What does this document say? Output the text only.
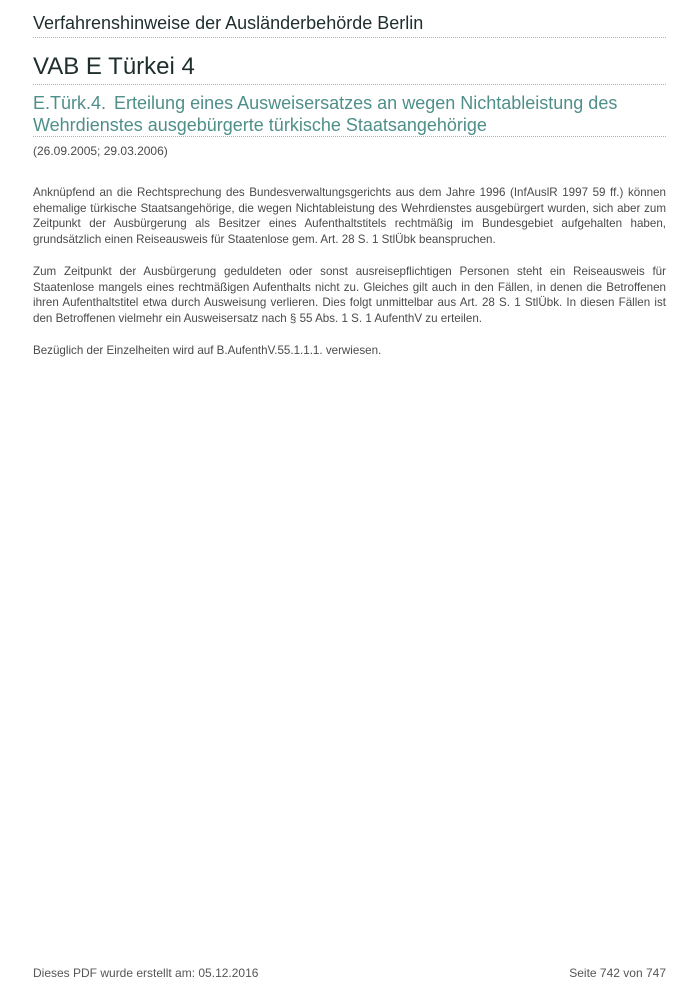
Verfahrenshinweise der Ausländerbehörde Berlin
VAB E Türkei 4
E.Türk.4. Erteilung eines Ausweisersatzes an wegen Nichtableistung des Wehrdienstes ausgebürgerte türkische Staatsangehörige
(26.09.2005; 29.03.2006)

Anknüpfend an die Rechtsprechung des Bundesverwaltungsgerichts aus dem Jahre 1996 (InfAuslR 1997 59 ff.) können ehemalige türkische Staatsangehörige, die wegen Nichtableistung des Wehrdienstes ausgebürgert wurden, sich aber zum Zeitpunkt der Ausbürgerung als Besitzer eines Aufenthaltstitels rechtmäßig im Bundesgebiet aufgehalten haben, grundsätzlich einen Reiseausweis für Staatenlose gem. Art. 28 S. 1 StlÜbk beanspruchen.

Zum Zeitpunkt der Ausbürgerung geduldeten oder sonst ausreisepflichtigen Personen steht ein Reiseausweis für Staatenlose mangels eines rechtmäßigen Aufenthalts nicht zu. Gleiches gilt auch in den Fällen, in denen die Betroffenen ihren Aufenthaltstitel etwa durch Ausweisung verlieren. Dies folgt unmittelbar aus Art. 28 S. 1 StlÜbk. In diesen Fällen ist den Betroffenen vielmehr ein Ausweisersatz nach § 55 Abs. 1 S. 1 AufenthV zu erteilen.

Bezüglich der Einzelheiten wird auf B.AufenthV.55.1.1.1. verwiesen.

Dieses PDF wurde erstellt am: 05.12.2016	Seite 742 von 747
